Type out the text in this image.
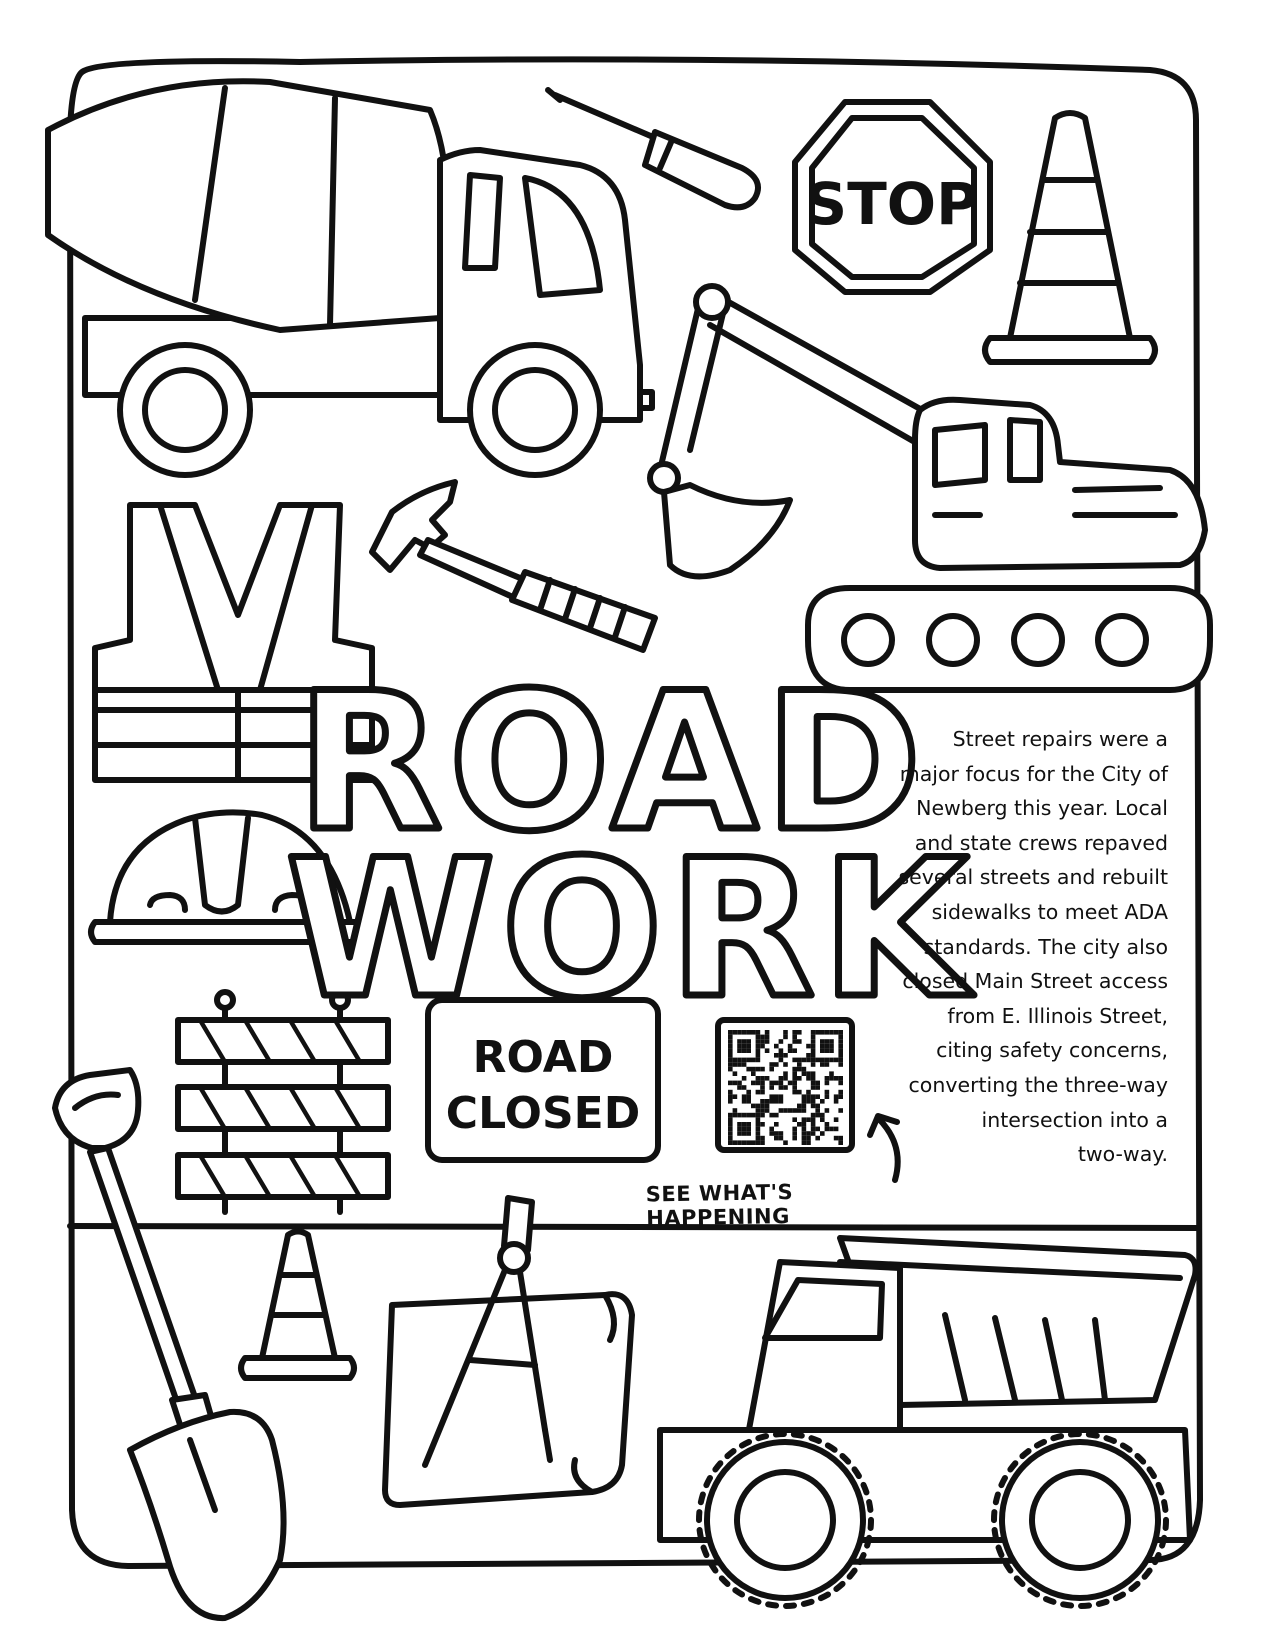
STOP
ROAD
CLOSED
ROAD
WORK
Street repairs were a
major focus for the City of
Newberg this year. Local
and state crews repaved
several streets and rebuilt
sidewalks to meet ADA
standards. The city also
closed Main Street access
from E. Illinois Street,
citing safety concerns,
converting the three-way
intersection into a
two-way.
SEE WHAT'S HAPPENING
